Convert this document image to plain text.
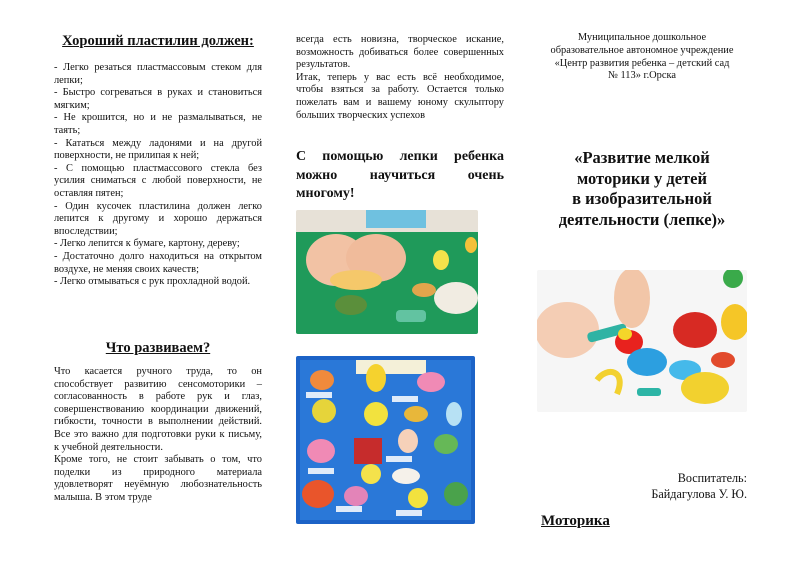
Хороший пластилин должен:

- Легко резаться пластмассовым стеком для лепки;

- Быстро согреваться в руках и становиться мягким;

- Не крошится, но и не размалываться, не таять;

- Кататься между ладонями и на другой поверхности, не прилипая к ней;

- С помощью пластмассового стекла без усилия сниматься с любой поверхности, не оставляя пятен;

- Один кусочек пластилина должен легко лепится к другому и хорошо держаться впоследствии;

- Легко лепится к бумаге, картону, дереву;

- Достаточно долго находиться на открытом воздухе, не меняя своих качеств;

- Легко отмываться с рук прохладной водой.

Что развиваем?

Что касается ручного труда, то он способствует развитию сенсомоторики – согласованность в работе рук и глаз, совершенствованию координации движений, гибкости, точности в выполнении действий. Все это важно для подготовки руки к письму, к учебной деятельности.

Кроме того, не стоит забывать о том, что поделки из природного материала удовлетворят неуёмную любознательность малыша. В этом труде

всегда есть новизна, творческое искание, возможность добиваться более совершенных результатов.

Итак, теперь у вас есть всё необходимое, чтобы взяться за работу. Остается только пожелать вам и вашему юному скульптору больших творческих успехов

С помощью лепки ребенка можно научиться очень многому!
Муниципальное дошкольное
образовательное автономное учреждение
«Центр развития ребенка – детский сад
№ 113» г.Орска
«Развитие мелкой
моторики у детей
в изобразительной
деятельности (лепке)»
Воспитатель:
Байдагулова У. Ю.
Моторика
